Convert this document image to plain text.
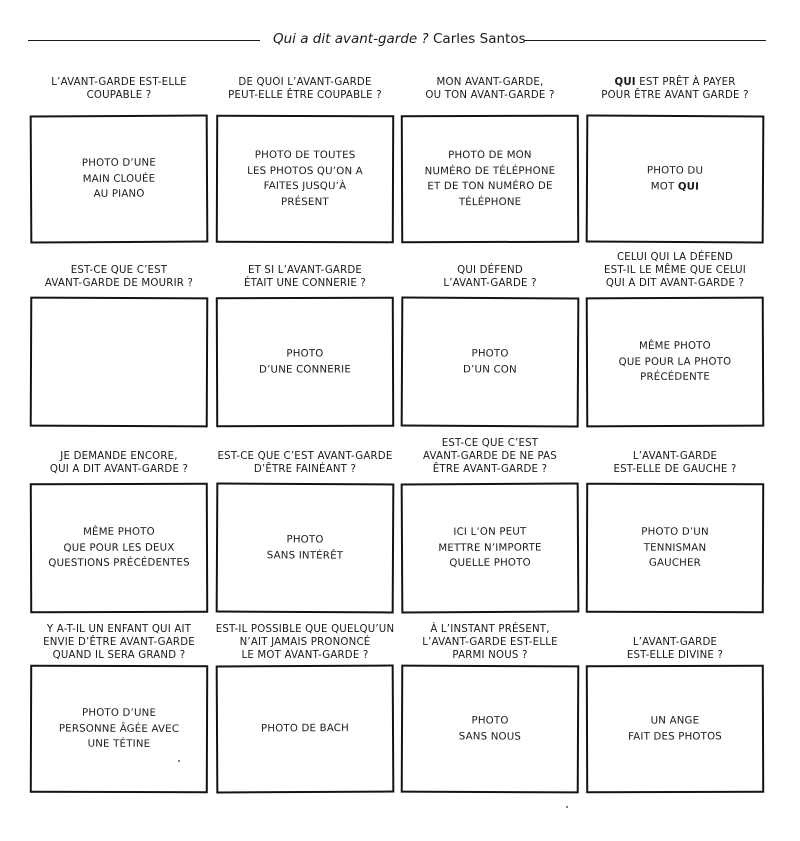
Qui a dit avant-garde ? Carles Santos
L’AVANT-GARDE EST-ELLE
COUPABLE ?
PHOTO D’UNE
MAIN CLOUÉE
AU PIANO
DE QUOI L’AVANT-GARDE
PEUT-ELLE ÊTRE COUPABLE ?
PHOTO DE TOUTES
LES PHOTOS QU’ON A
FAITES JUSQU’À
PRÉSENT
MON AVANT-GARDE,
OU TON AVANT-GARDE ?
PHOTO DE MON
NUMÉRO DE TÉLÉPHONE
ET DE TON NUMÉRO DE
TÉLÉPHONE
QUI EST PRÊT À PAYER
POUR ÊTRE AVANT GARDE ?
PHOTO DU
MOT QUI
EST-CE QUE C’EST
AVANT-GARDE DE MOURIR ?
ET SI L’AVANT-GARDE
ÉTAIT UNE CONNERIE ?
PHOTO
D’UNE CONNERIE
QUI DÉFEND
L’AVANT-GARDE ?
PHOTO
D’UN CON
CELUI QUI LA DÉFEND
EST-IL LE MÊME QUE CELUI
QUI A DIT AVANT-GARDE ?
MÊME PHOTO
QUE POUR LA PHOTO
PRÉCÉDENTE
JE DEMANDE ENCORE,
QUI A DIT AVANT-GARDE ?
MÊME PHOTO
QUE POUR LES DEUX
QUESTIONS PRÉCÉDENTES
EST-CE QUE C’EST AVANT-GARDE
D’ÊTRE FAINÉANT ?
PHOTO
SANS INTÉRÊT
EST-CE QUE C’EST
AVANT-GARDE DE NE PAS
ÊTRE AVANT-GARDE ?
ICI L’ON PEUT
METTRE N’IMPORTE
QUELLE PHOTO
L’AVANT-GARDE
EST-ELLE DE GAUCHE ?
PHOTO D’UN
TENNISMAN
GAUCHER
Y A-T-IL UN ENFANT QUI AIT
ENVIE D’ÊTRE AVANT-GARDE
QUAND IL SERA GRAND ?
PHOTO D’UNE
PERSONNE ÂGÉE AVEC
UNE TÉTINE
EST-IL POSSIBLE QUE QUELQU’UN
N’AIT JAMAIS PRONONCÉ
LE MOT AVANT-GARDE ?
PHOTO DE BACH
À L’INSTANT PRÉSENT,
L’AVANT-GARDE EST-ELLE
PARMI NOUS ?
PHOTO
SANS NOUS
L’AVANT-GARDE
EST-ELLE DIVINE ?
UN ANGE
FAIT DES PHOTOS
